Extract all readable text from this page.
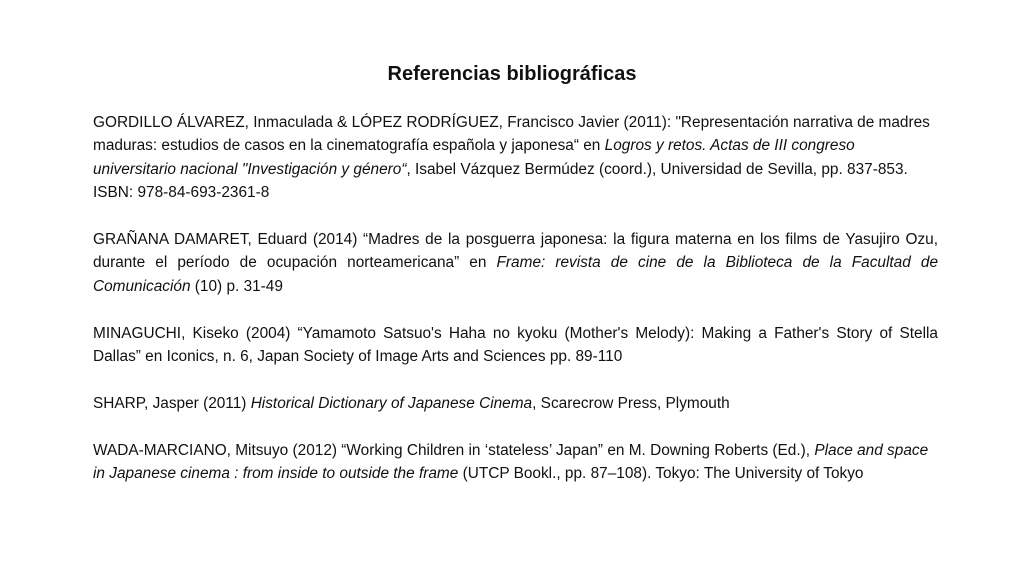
Referencias bibliográficas

GORDILLO ÁLVAREZ, Inmaculada & LÓPEZ RODRÍGUEZ, Francisco Javier (2011): "Representación narrativa de madres maduras: estudios de casos en la cinematografía española y japonesa“ en Logros y retos. Actas de III congreso universitario nacional "Investigación y género“, Isabel Vázquez Bermúdez (coord.), Universidad de Sevilla, pp. 837-853. ISBN: 978-84-693-2361-8

GRAÑANA DAMARET, Eduard (2014) “Madres de la posguerra japonesa: la figura materna en los films de Yasujiro Ozu, durante el período de ocupación norteamericana” en Frame: revista de cine de la Biblioteca de la Facultad de Comunicación (10) p. 31-49

MINAGUCHI, Kiseko (2004) “Yamamoto Satsuo's Haha no kyoku (Mother's Melody): Making a Father's Story of Stella Dallas” en Iconics, n. 6, Japan Society of Image Arts and Sciences pp. 89-110

SHARP, Jasper (2011) Historical Dictionary of Japanese Cinema, Scarecrow Press, Plymouth

WADA-MARCIANO, Mitsuyo (2012) “Working Children in ‘stateless’ Japan” en M. Downing Roberts (Ed.), Place and space in Japanese cinema : from inside to outside the frame (UTCP Bookl., pp. 87–108). Tokyo: The University of Tokyo
